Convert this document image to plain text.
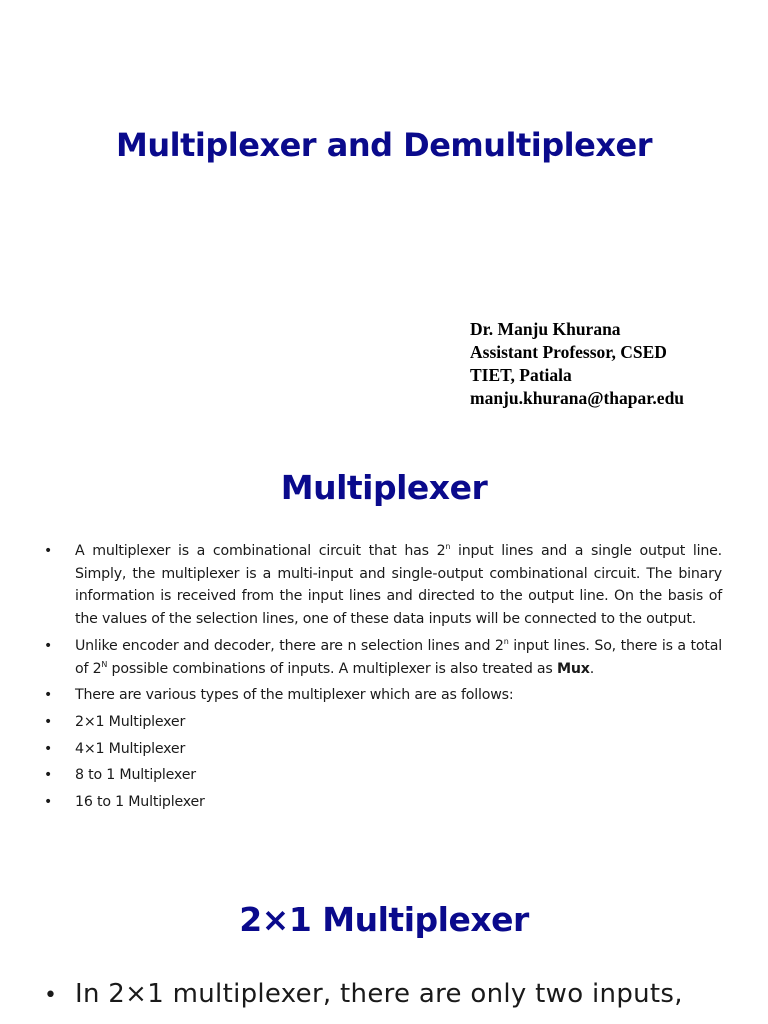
Multiplexer and Demultiplexer
Dr. Manju Khurana
Assistant Professor, CSED
TIET, Patiala
manju.khurana@thapar.edu
Multiplexer
• A multiplexer is a combinational circuit that has 2$^n$ input lines and a single output line. Simply, the multiplexer is a multi-input and single-output combinational circuit. The binary information is received from the input lines and directed to the output line. On the basis of the values of the selection lines, one of these data inputs will be connected to the output.
• Unlike encoder and decoder, there are n selection lines and 2$^n$ input lines. So, there is a total of $2^N$ possible combinations of inputs. A multiplexer is also treated as Mux.
• There are various types of the multiplexer which are as follows:
• 2×1 Multiplexer
• 4×1 Multiplexer
• 8 to 1 Multiplexer
• 16 to 1 Multiplexer
2×1 Multiplexer
• In 2×1 multiplexer, there are only two inputs,
